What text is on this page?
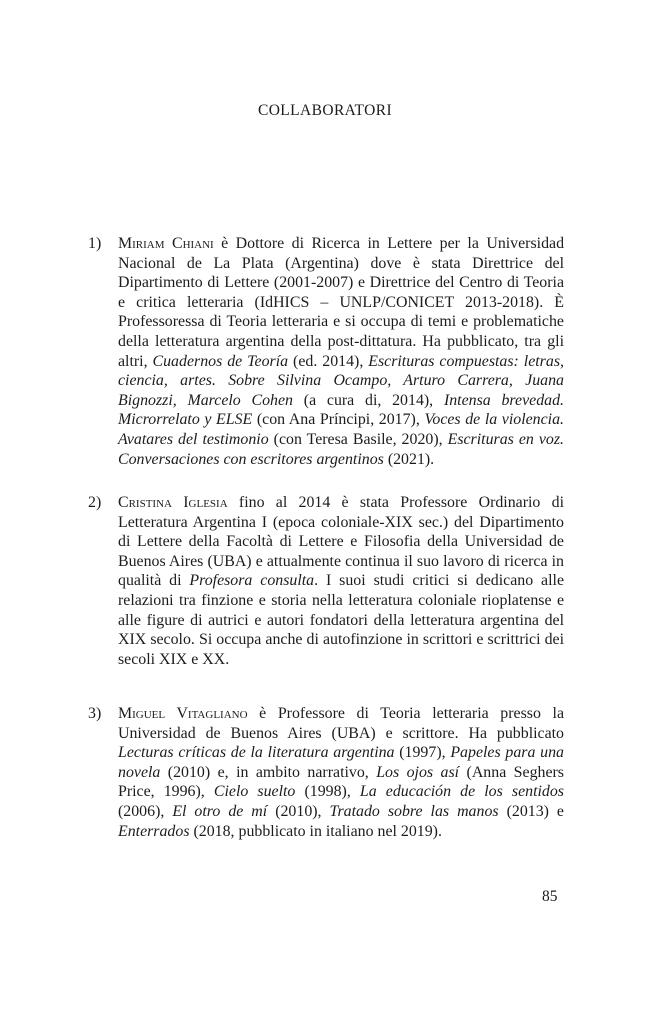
COLLABORATORI
1)	Miriam Chiani è Dottore di Ricerca in Lettere per la Universidad Nacional de La Plata (Argentina) dove è stata Direttrice del Dipartimento di Lettere (2001-2007) e Direttrice del Centro di Teoria e critica letteraria (IdHICS – UNLP/CONICET 2013-2018). È Professoressa di Teoria letteraria e si occupa di temi e problematiche della letteratura argentina della post-dittatura. Ha pubblicato, tra gli altri, Cuadernos de Teoría (ed. 2014), Escrituras compuestas: letras, ciencia, artes. Sobre Silvina Ocampo, Arturo Carrera, Juana Bignozzi, Marcelo Cohen (a cura di, 2014), Intensa brevedad. Microrrelato y ELSE (con Ana Príncipi, 2017), Voces de la violencia. Avatares del testimonio (con Teresa Basile, 2020), Escrituras en voz. Conversaciones con escritores argentinos (2021).

2)	Cristina Iglesia fino al 2014 è stata Professore Ordinario di Letteratura Argentina I (epoca coloniale-XIX sec.) del Dipartimento di Lettere della Facoltà di Lettere e Filosofia della Universidad de Buenos Aires (UBA) e attualmente continua il suo lavoro di ricerca in qualità di Profesora consulta. I suoi studi critici si dedicano alle relazioni tra finzione e storia nella letteratura coloniale rioplatense e alle figure di autrici e autori fondatori della letteratura argentina del XIX secolo. Si occupa anche di autofinzione in scrittori e scrittrici dei secoli XIX e XX.

3)	Miguel Vitagliano è Professore di Teoria letteraria presso la Universidad de Buenos Aires (UBA) e scrittore. Ha pubblicato Lecturas críticas de la literatura argentina (1997), Papeles para una novela (2010) e, in ambito narrativo, Los ojos así (Anna Seghers Price, 1996), Cielo suelto (1998), La educación de los sentidos (2006), El otro de mí (2010), Tratado sobre las manos (2013) e Enterrados (2018, pubblicato in italiano nel 2019).

85
